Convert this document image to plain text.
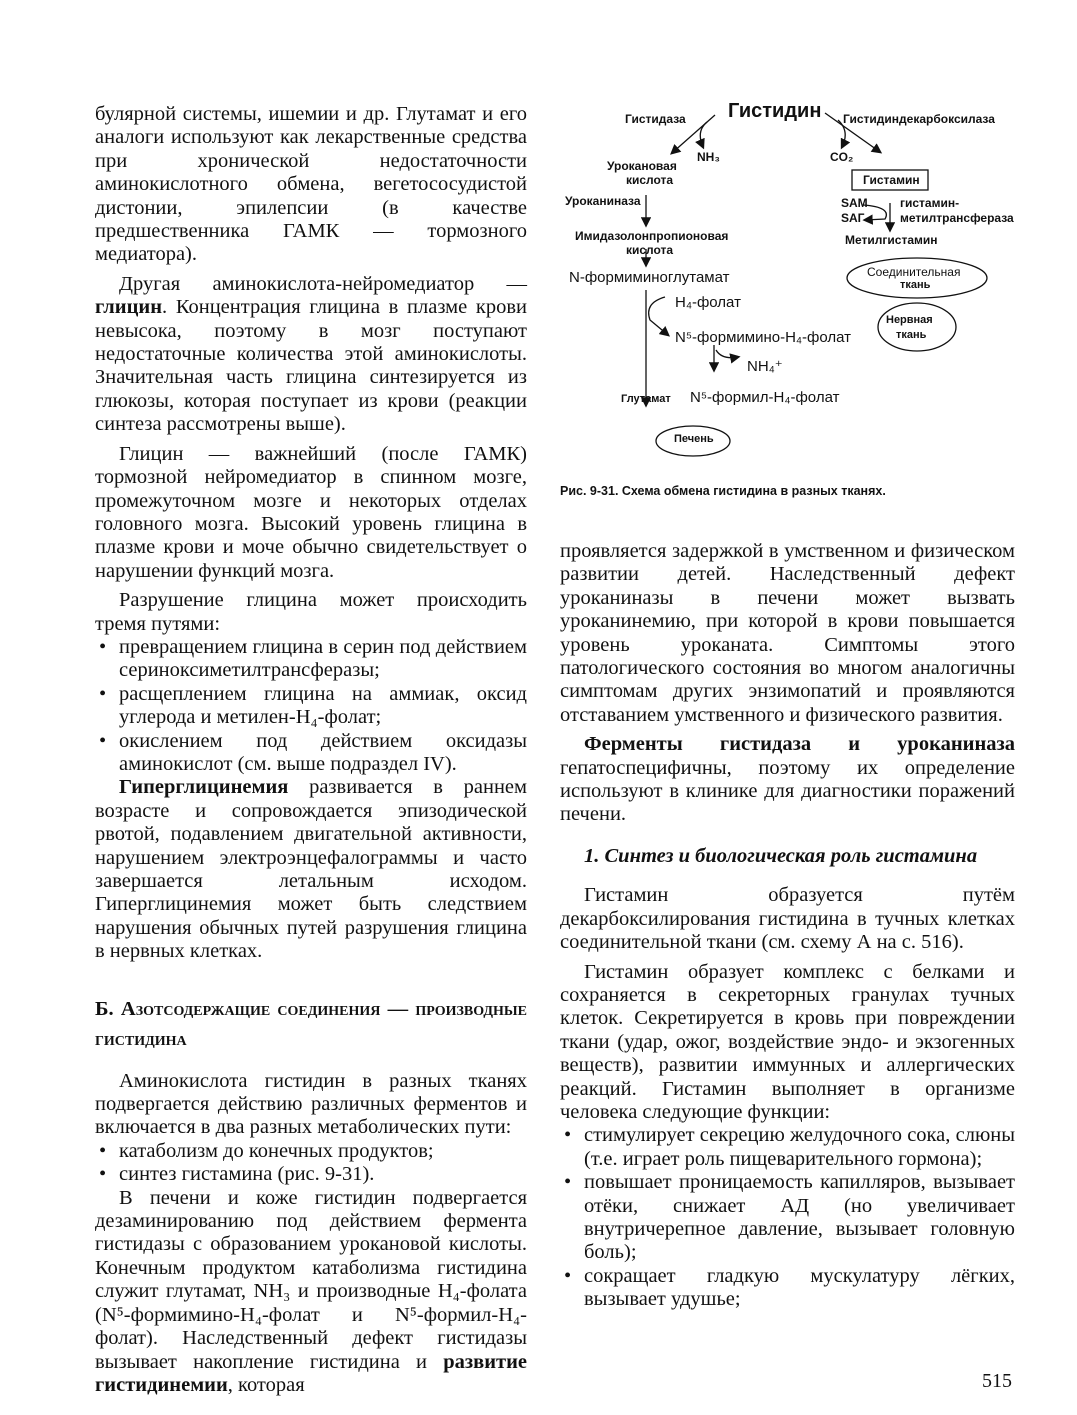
булярной системы, ишемии и др. Глутамат и его аналоги используют как лекарственные средства при хронической недостаточности аминокислотного обмена, вегетососудистой дистонии, эпилепсии (в качестве предшественника ГАМК — тормозного медиатора).

Другая аминокислота-нейромедиатор — глицин. Концентрация глицина в плазме крови невысока, поэтому в мозг поступают недостаточные количества этой аминокислоты. Значительная часть глицина синтезируется из глюкозы, которая поступает из крови (реакции синтеза рассмотрены выше).

Глицин — важнейший (после ГАМК) тормозной нейромедиатор в спинном мозге, промежуточном мозге и некоторых отделах головного мозга. Высокий уровень глицина в плазме крови и моче обычно свидетельствует о нарушении функций мозга.

Разрушение глицина может происходить тремя путями:

• превращением глицина в серин под действием сериноксиметилтрансферазы;
• расщеплением глицина на аммиак, оксид углерода и метилен-H₄-фолат;
• окислением под действием оксидазы аминокислот (см. выше подраздел IV).

Гиперглицинемия развивается в раннем возрасте и сопровождается эпизодической рвотой, подавлением двигательной активности, нарушением электроэнцефалограммы и часто завершается летальным исходом. Гиперглицинемия может быть следствием нарушения обычных путей разрушения глицина в нервных клетках.

Б. Азотсодержащие соединения — производные гистидина

Аминокислота гистидин в разных тканях подвергается действию различных ферментов и включается в два разных метаболических пути:

• катаболизм до конечных продуктов;
• синтез гистамина (рис. 9-31).

В печени и коже гистидин подвергается дезаминированию под действием фермента гистидазы с образованием урокановой кислоты. Конечным продуктом катаболизма гистидина служит глутамат, NH₃ и производные H₄-фолата (N⁵-формимино-H₄-фолат и N⁵-формил-H₄-фолат). Наследственный дефект гистидазы вызывает накопление гистидина и развитие гистидинемии, которая

Гистидаза Гистидин Гистидиндекарбоксилаза
NH₃	CO₂
Урокановая
кислота
Уроканиназа
Имидазолонпропионовая
кислота
N-формиминоглутамат
H₄-фолат
N⁵-формимино-H₄-фолат
NH₄⁺
Глутамат N⁵-формил-H₄-фолат
Печень
Гистамин
SAM
SAГ
гистамин-
метилтрансфераза
Метилгистамин
Соединительная
ткань
Нервная
ткань
Рис. 9-31. Схема обмена гистидина в разных тканях.

проявляется задержкой в умственном и физическом развитии детей. Наследственный дефект уроканиназы в печени может вызвать уроканинемию, при которой в крови повышается уровень уроканата. Симптомы этого патологического состояния во многом аналогичны симптомам других энзимопатий и проявляются отставанием умственного и физического развития.

Ферменты гистидаза и уроканиназа гепатоспецифичны, поэтому их определение используют в клинике для диагностики поражений печени.

1. Синтез и биологическая роль гистамина

Гистамин образуется путём декарбоксилирования гистидина в тучных клетках соединительной ткани (см. схему А на с. 516).

Гистамин образует комплекс с белками и сохраняется в секреторных гранулах тучных клеток. Секретируется в кровь при повреждении ткани (удар, ожог, воздействие эндо- и экзогенных веществ), развитии иммунных и аллергических реакций. Гистамин выполняет в организме человека следующие функции:

• стимулирует секрецию желудочного сока, слюны (т.е. играет роль пищеварительного гормона);
• повышает проницаемость капилляров, вызывает отёки, снижает АД (но увеличивает внутричерепное давление, вызывает головную боль);
• сокращает гладкую мускулатуру лёгких, вызывает удушье;
515
